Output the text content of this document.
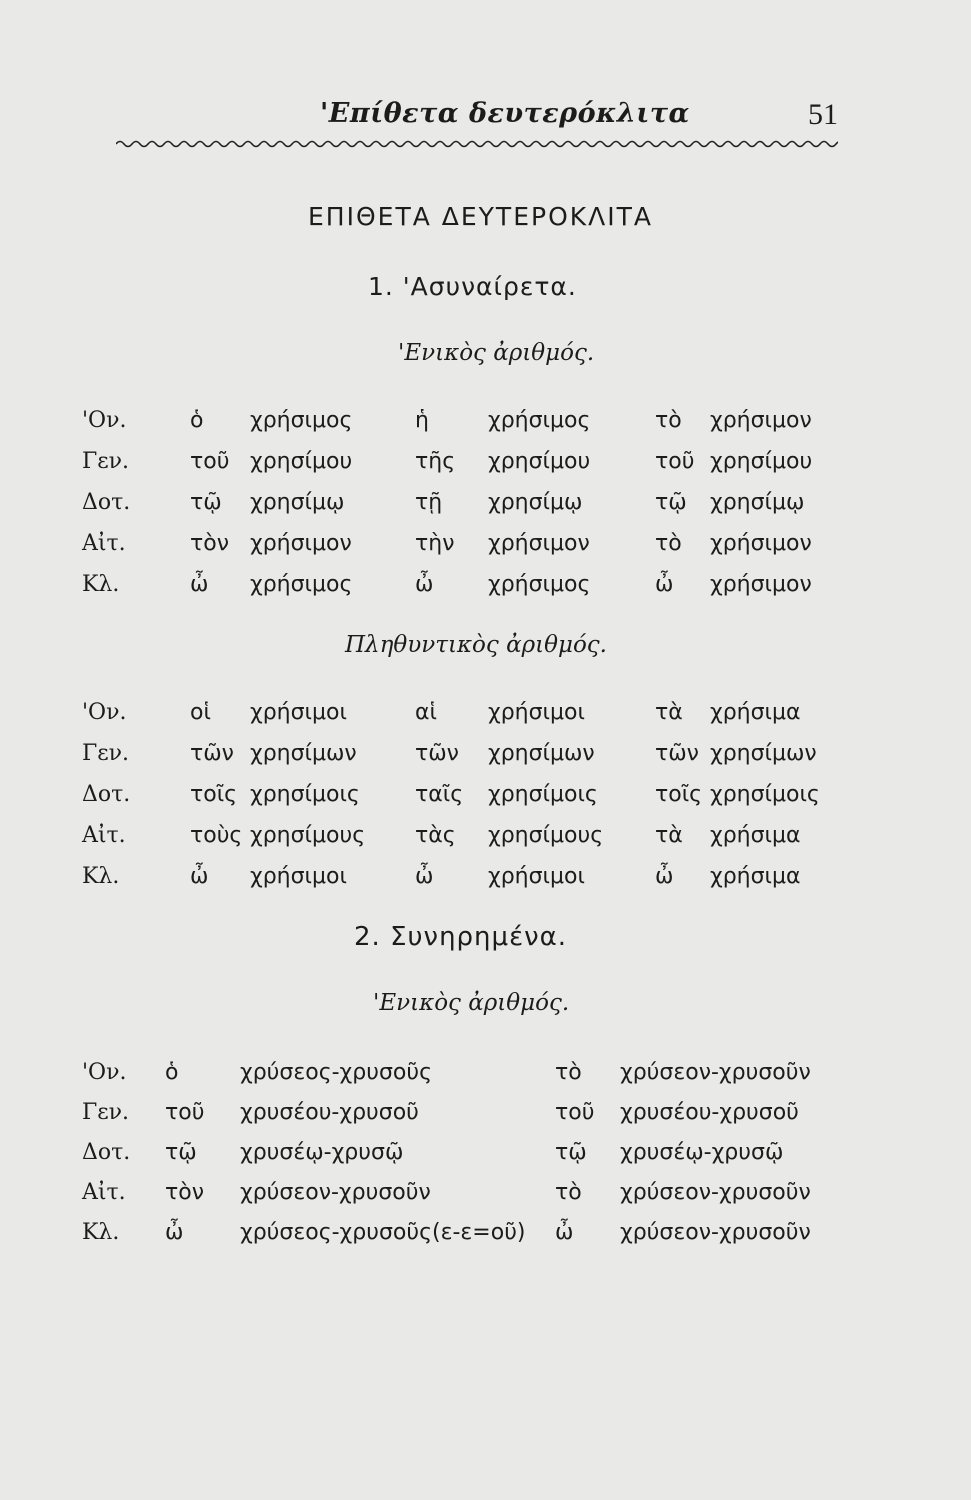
'Επίθετα δευτερόκλιτα	51
ΕΠΙΘΕΤΑ ΔΕΥΤΕΡΟΚΛΙΤΑ
1. 'Ασυναίρετα.
'Ενικὸς ἀριθμός.
Πληθυντικὸς ἀριθμός.
2. Συνηρημένα.
'Ενικὸς ἀριθμός.
'Ον.	ὁ χρήσιμος	ἡ	χρήσιμος	τὸ χρήσιμον
Γεν.	τοῦ χρησίμου	τῆς χρησίμου	τοῦ χρησίμου
Δοτ.	τῷ χρησίμῳ	τῇ χρησίμῳ	τῷ χρησίμῳ
Αἰτ.	τὸν χρήσιμον	τὴν χρήσιμον	τὸ χρήσιμον
Κλ.	ὦ χρήσιμος	ὦ χρήσιμος	ὦ χρήσιμον
'Ον.	οἱ χρήσιμοι	αἱ χρήσιμοι	τὰ χρήσιμα
Γεν.	τῶν χρησίμων	τῶν χρησίμων	τῶν χρησίμων
Δοτ.	τοῖς χρησίμοις	ταῖς χρησίμοις	τοῖς χρησίμοις
Αἰτ.	τοὺς χρησίμους τὰς χρησίμους τὰ χρήσιμα
Κλ.	ὦ χρήσιμοι	ὦ χρήσιμοι	ὦ χρήσιμα
'Ον. ὁ	χρύσεος-χρυσοῦς	τὸ χρύσεον-χρυσοῦν
Γεν. τοῦ χρυσέου-χρυσοῦ	τοῦ χρυσέου-χρυσοῦ
Δοτ. τῷ χρυσέῳ-χρυσῷ	τῷ χρυσέῳ-χρυσῷ
Αἰτ. τὸν χρύσεον-χρυσοῦν	τὸ χρύσεον-χρυσοῦν
Κλ. ὦ	χρύσεος-χρυσοῦς(ε-ε=οῦ) ὦ χρύσεον-χρυσοῦν
